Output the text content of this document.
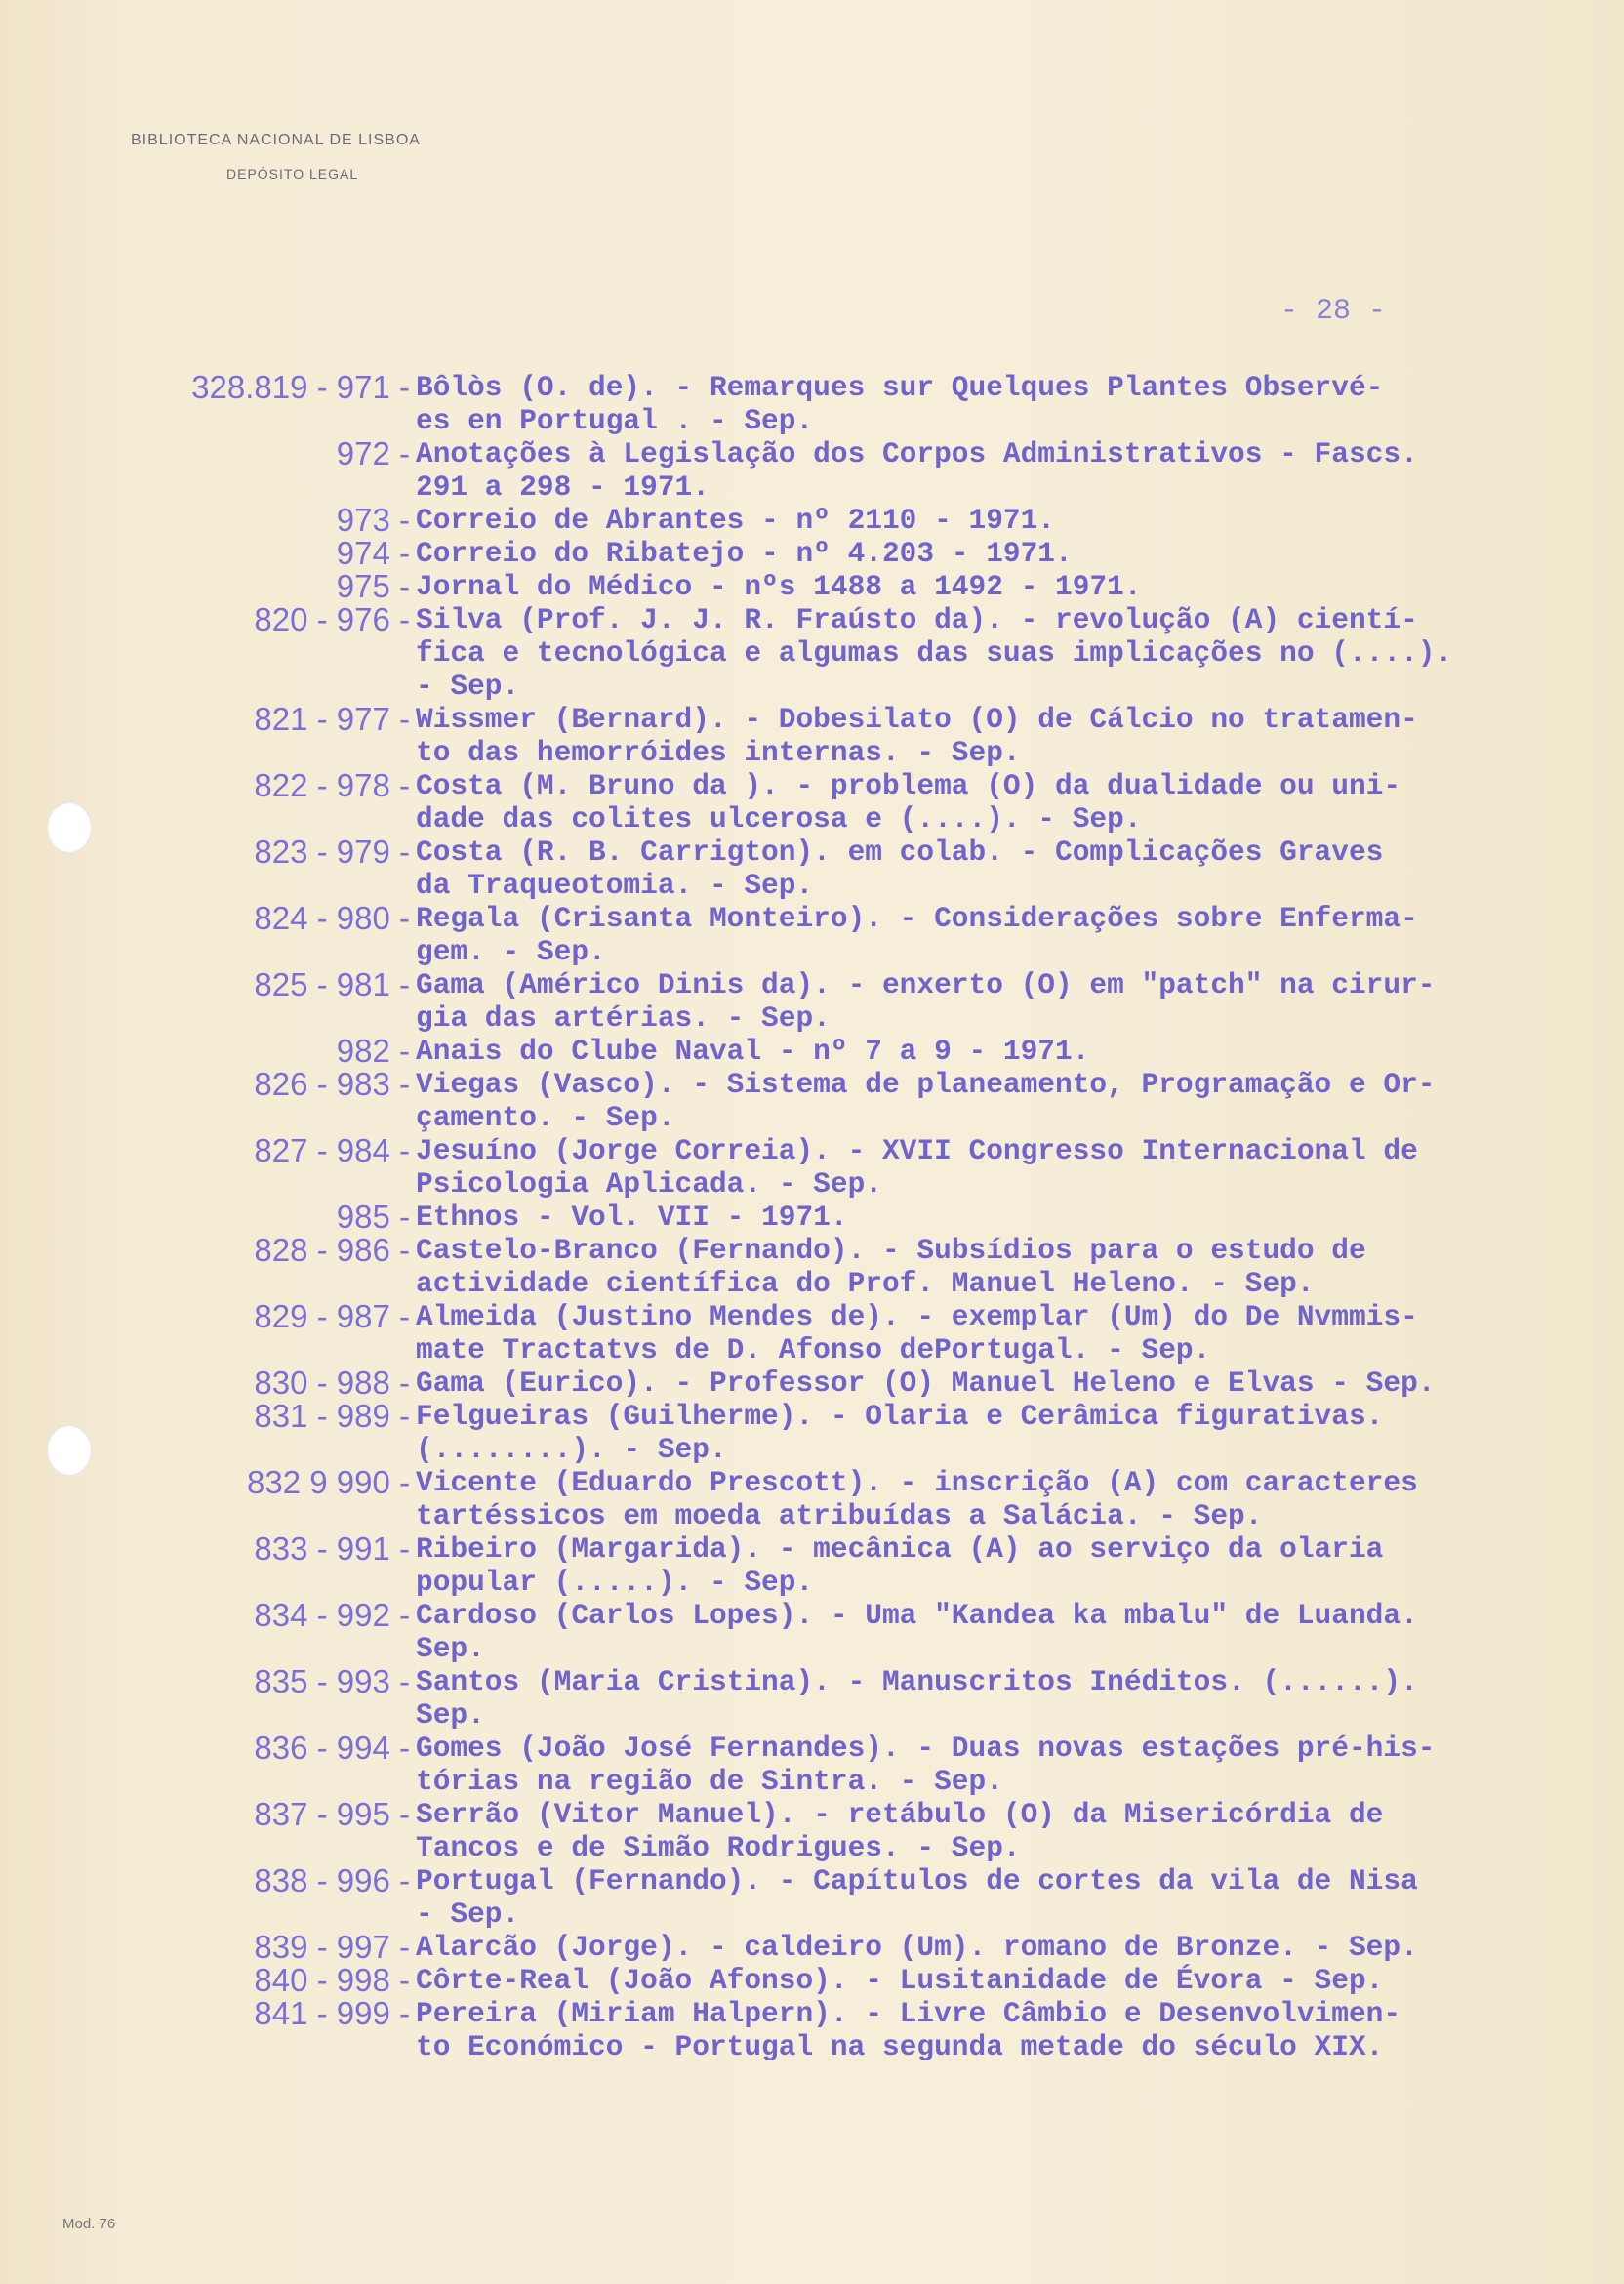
BIBLIOTECA NACIONAL DE LISBOA
DEPÓSITO LEGAL
- 28 -
328.819 - 971 - Bôlòs (O. de). - Remarques sur Quelques Plantes Observé-
es en Portugal . - Sep.
972 - Anotações à Legislação dos Corpos Administrativos - Fascs.
291 a 298 - 1971.
973 - Correio de Abrantes - nº 2110 - 1971.
974 - Correio do Ribatejo - nº 4.203 - 1971.
975 - Jornal do Médico - nºs 1488 a 1492 - 1971.
820 - 976 - Silva (Prof. J. J. R. Fraústo da). - revolução (A) cientí-
fica e tecnológica e algumas das suas implicações no (....).
- Sep.
821 - 977 - Wissmer (Bernard). - Dobesilato (O) de Cálcio no tratamen-
to das hemorróides internas. - Sep.
822 - 978 - Costa (M. Bruno da ). - problema (O) da dualidade ou uni-
dade das colites ulcerosa e (....). - Sep.
823 - 979 - Costa (R. B. Carrigton). em colab. - Complicações Graves
da Traqueotomia. - Sep.
824 - 980 - Regala (Crisanta Monteiro). - Considerações sobre Enferma-
gem. - Sep.
825 - 981 - Gama (Américo Dinis da). - enxerto (O) em "patch" na cirur-
gia das artérias. - Sep.
982 - Anais do Clube Naval - nº 7 a 9 - 1971.
826 - 983 - Viegas (Vasco). - Sistema de planeamento, Programação e Or-
çamento. - Sep.
827 - 984 - Jesuíno (Jorge Correia). - XVII Congresso Internacional de
Psicologia Aplicada. - Sep.
985 - Ethnos - Vol. VII - 1971.
828 - 986 - Castelo-Branco (Fernando). - Subsídios para o estudo de
actividade científica do Prof. Manuel Heleno. - Sep.
829 - 987 - Almeida (Justino Mendes de). - exemplar (Um) do De Nvmmis-
mate Tractatvs de D. Afonso dePortugal. - Sep.
830 - 988 - Gama (Eurico). - Professor (O) Manuel Heleno e Elvas - Sep.
831 - 989 - Felgueiras (Guilherme). - Olaria e Cerâmica figurativas.
(........). - Sep.
832 9 990 - Vicente (Eduardo Prescott). - inscrição (A) com caracteres
tartéssicos em moeda atribuídas a Salácia. - Sep.
833 - 991 - Ribeiro (Margarida). - mecânica (A) ao serviço da olaria
popular (.....). - Sep.
834 - 992 - Cardoso (Carlos Lopes). - Uma "Kandea ka mbalu" de Luanda.
Sep.
835 - 993 - Santos (Maria Cristina). - Manuscritos Inéditos. (......).
Sep.
836 - 994 - Gomes (João José Fernandes). - Duas novas estações pré-his-
tórias na região de Sintra. - Sep.
837 - 995 - Serrão (Vitor Manuel). - retábulo (O) da Misericórdia de
Tancos e de Simão Rodrigues. - Sep.
838 - 996 - Portugal (Fernando). - Capítulos de cortes da vila de Nisa
- Sep.
839 - 997 - Alarcão (Jorge). - caldeiro (Um). romano de Bronze. - Sep.
840 - 998 - Côrte-Real (João Afonso). - Lusitanidade de Évora - Sep.
841 - 999 - Pereira (Miriam Halpern). - Livre Câmbio e Desenvolvimen-
to Económico - Portugal na segunda metade do século XIX.
Mod. 76
